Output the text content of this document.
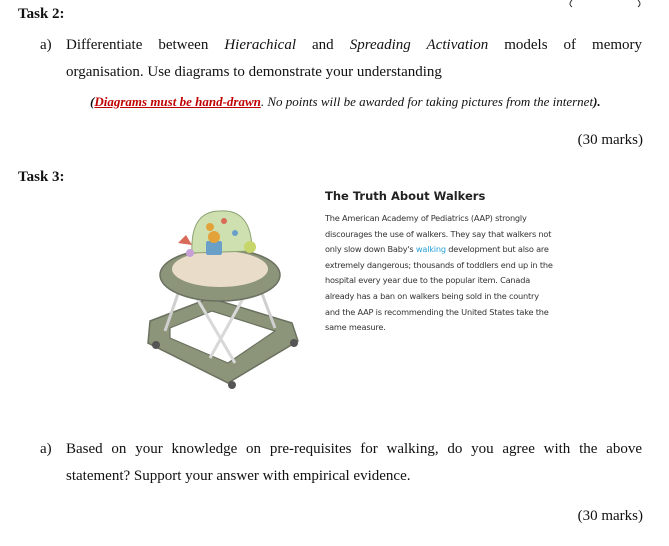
Task 2:
a) Differentiate between Hierachical and Spreading Activation models of memory
organisation. Use diagrams to demonstrate your understanding
(Diagrams must be hand-drawn. No points will be awarded for taking pictures from the internet).
(30 marks)
Task 3:
The Truth About Walkers
The American Academy of Pediatrics (AAP) strongly discourages the use of walkers. They say that walkers not only slow down Baby's walking development but also are extremely dangerous; thousands of toddlers end up in the hospital every year due to the popular item. Canada already has a ban on walkers being sold in the country and the AAP is recommending the United States take the same measure.
a) Based on your knowledge on pre-requisites for walking, do you agree with the above
statement? Support your answer with empirical evidence.
(30 marks)
